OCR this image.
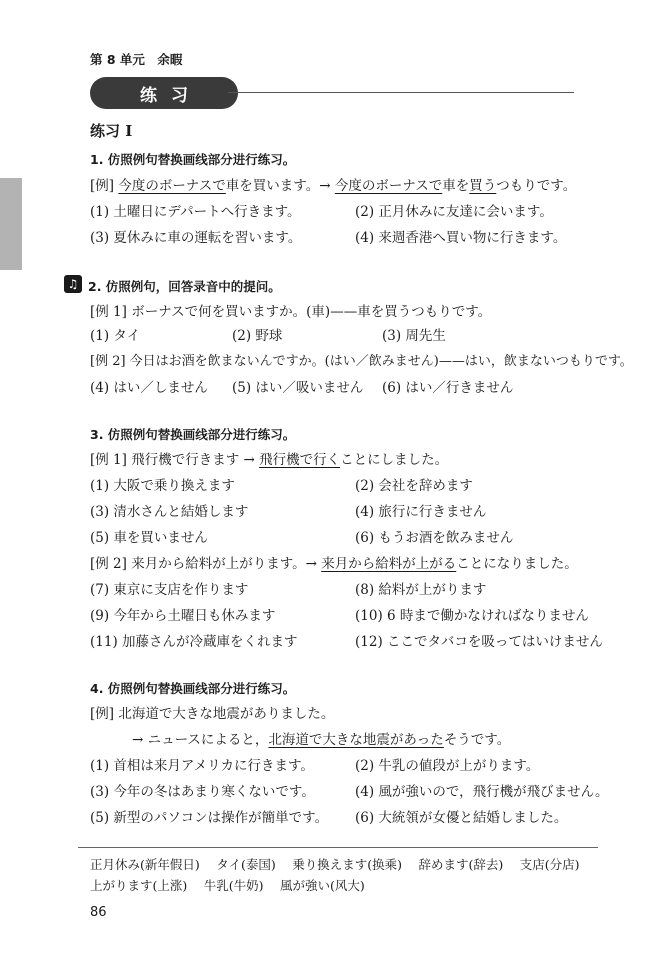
第 8 单元　余暇
练习
练习 I
1. 仿照例句替换画线部分进行练习。
[例] 今度のボーナスで車を買います。→ 今度のボーナスで車を買うつもりです。
(1) 土曜日にデパートへ行きます。	(2) 正月休みに友達に会います。
(3) 夏休みに車の運転を習います。	(4) 来週香港へ買い物に行きます。
♫ 2. 仿照例句，回答录音中的提问。
[例 1] ボーナスで何を買いますか。(車)——車を買うつもりです。
(1) タイ	(2) 野球	(3) 周先生
[例 2] 今日はお酒を飲まないんですか。(はい／飲みません)——はい，飲まないつもりです。
(4) はい／しません (5) はい／吸いません (6) はい／行きません
3. 仿照例句替换画线部分进行练习。
[例 1] 飛行機で行きます → 飛行機で行くことにしました。
(1) 大阪で乗り換えます	(2) 会社を辞めます
(3) 清水さんと結婚します	(4) 旅行に行きません
(5) 車を買いません	(6) もうお酒を飲みません
[例 2] 来月から給料が上がります。→ 来月から給料が上がることになりました。
(7) 東京に支店を作ります	(8) 給料が上がります
(9) 今年から土曜日も休みます	(10) 6 時まで働かなければなりません
(11) 加藤さんが冷蔵庫をくれます	(12) ここでタバコを吸ってはいけません
4. 仿照例句替换画线部分进行练习。
[例] 北海道で大きな地震がありました。
→ ニュースによると，北海道で大きな地震があったそうです。
(1) 首相は来月アメリカに行きます。	(2) 牛乳の値段が上がります。
(3) 今年の冬はあまり寒くないです。	(4) 風が強いので，飛行機が飛びません。
(5) 新型のパソコンは操作が簡単です。 (6) 大統領が女優と結婚しました。
正月休み(新年假日)　 タイ(泰国)　 乗り換えます(换乘)　 辞めます(辞去)　 支店(分店)
上がります(上涨)　 牛乳(牛奶)　 風が強い(风大)
86
